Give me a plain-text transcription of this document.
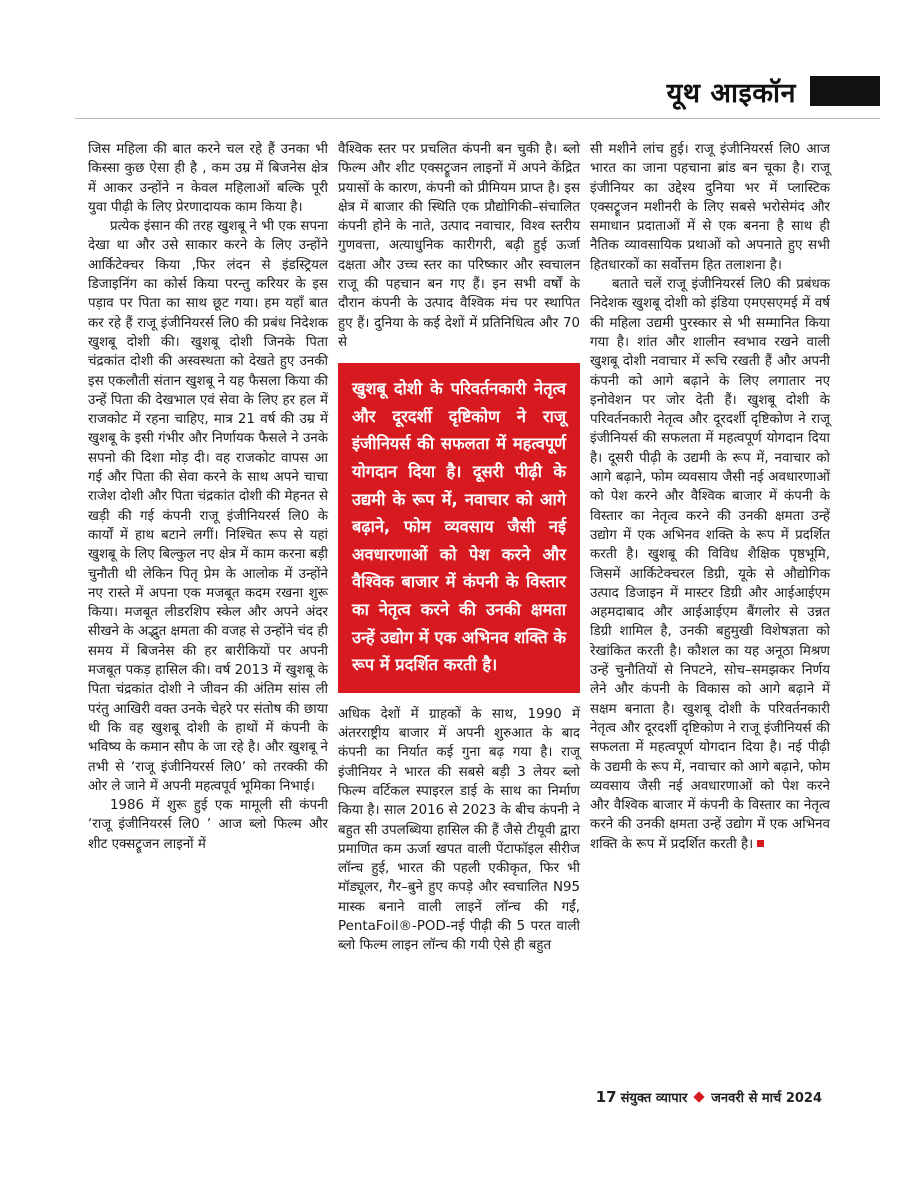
यूथ आइकॉन

जिस महिला की बात करने चल रहे हैं उनका भी किस्सा कुछ ऐसा ही है , कम उम्र में बिजनेस क्षेत्र में आकर उन्होंने न केवल महिलाओं बल्कि पूरी युवा पीढ़ी के लिए प्रेरणादायक काम किया है।

प्रत्येक इंसान की तरह खुशबू ने भी एक सपना देखा था और उसे साकार करने के लिए उन्होंने आर्किटेक्चर किया ,फिर लंदन से इंडस्ट्रियल डिजाइनिंग का कोर्स किया परन्तु करियर के इस पड़ाव पर पिता का साथ छूट गया। हम यहाँ बात कर रहे हैं राजू इंजीनियरर्स लि0 की प्रबंध निदेशक खुशबू दोशी की। खुशबू दोशी जिनके पिता चंद्रकांत दोशी की अस्वस्थता को देखते हुए उनकी इस एकलौती संतान खुशबू ने यह फैसला किया की उन्हें पिता की देखभाल एवं सेवा के लिए हर हल में राजकोट में रहना चाहिए, मात्र 21 वर्ष की उम्र में खुशबू के इसी गंभीर और निर्णायक फैसले ने उनके सपनो की दिशा मोड़ दी। वह राजकोट वापस आ गई और पिता की सेवा करने के साथ अपने चाचा राजेश दोशी और पिता चंद्रकांत दोशी की मेहनत से खड़ी की गई कंपनी राजू इंजीनियरर्स लि0 के कार्यों में हाथ बटाने लगीं। निश्चित रूप से यहां खुशबू के लिए बिल्कुल नए क्षेत्र में काम करना बड़ी चुनौती थी लेकिन पितृ प्रेम के आलोक में उन्होंने नए रास्ते में अपना एक मजबूत कदम रखना शुरू किया। मजबूत लीडरशिप स्केल और अपने अंदर सीखने के अद्भुत क्षमता की वजह से उन्होंने चंद ही समय में बिजनेस की हर बारीकियों पर अपनी मजबूत पकड़ हासिल की। वर्ष 2013 में खुशबू के पिता चंद्रकांत दोशी ने जीवन की अंतिम सांस ली परंतु आखिरी वक्त उनके चेहरे पर संतोष की छाया थी कि वह खुशबू दोशी के हाथों में कंपनी के भविष्य के कमान सौप के जा रहे है। और खुशबू ने तभी से ‘राजू इंजीनियरर्स लि0’ को तरक्की की ओर ले जाने में अपनी महत्वपूर्व भूमिका निभाई।

1986 में शुरू हुई एक मामूली सी कंपनी ‘राजू इंजीनियरर्स लि0 ’ आज ब्लो फिल्म और शीट एक्सट्रूजन लाइनों में

वैश्विक स्तर पर प्रचलित कंपनी बन चुकी है। ब्लो फिल्म और शीट एक्सट्रूजन लाइनों में अपने केंद्रित प्रयासों के कारण, कंपनी को प्रीमियम प्राप्त है। इस क्षेत्र में बाजार की स्थिति एक प्रौद्योगिकी–संचालित कंपनी होने के नाते, उत्पाद नवाचार, विश्व स्तरीय गुणवत्ता, अत्याधुनिक कारीगरी, बढ़ी हुई ऊर्जा दक्षता और उच्च स्तर का परिष्कार और स्वचालन राजू की पहचान बन गए हैं। इन सभी वर्षों के दौरान कंपनी के उत्पाद वैश्विक मंच पर स्थापित हुए हैं। दुनिया के कई देशों में प्रतिनिधित्व और 70 से

खुशबू दोशी के परिवर्तनकारी नेतृत्व और दूरदर्शी दृष्टिकोण ने राजू इंजीनियर्स की सफलता में महत्वपूर्ण योगदान दिया है। दूसरी पीढ़ी के उद्यमी के रूप में, नवाचार को आगे बढ़ाने, फोम व्यवसाय जैसी नई अवधारणाओं को पेश करने और वैश्विक बाजार में कंपनी के विस्तार का नेतृत्व करने की उनकी क्षमता उन्हें उद्योग में एक अभिनव शक्ति के रूप में प्रदर्शित करती है।

अधिक देशों में ग्राहकों के साथ, 1990 में अंतरराष्ट्रीय बाजार में अपनी शुरुआत के बाद कंपनी का निर्यात कई गुना बढ़ गया है। राजू इंजीनियर ने भारत की सबसे बड़ी 3 लेयर ब्लो फिल्म वर्टिकल स्पाइरल डाई के साथ का निर्माण किया है। साल 2016 से 2023 के बीच कंपनी ने बहुत सी उपलब्धिया हासिल की हैं जैसे टीयूवी द्वारा प्रमाणित कम ऊर्जा खपत वाली पेंटाफॉइल सीरीज लॉन्च हुई, भारत की पहली एकीकृत, फिर भी मॉड्यूलर, गैर–बुने हुए कपड़े और स्वचालित N95 मास्क बनाने वाली लाइनें लॉन्च की गईं, PentaFoil®-POD-नई पीढ़ी की 5 परत वाली ब्लो फिल्म लाइन लॉन्च की गयी ऐसे ही बहुत

सी मशीने लांच हुई। राजू इंजीनियरर्स लि0 आज भारत का जाना पहचाना ब्रांड बन चूका है। राजू इंजीनियर का उद्देश्य दुनिया भर में प्लास्टिक एक्सट्रूजन मशीनरी के लिए सबसे भरोसेमंद और समाधान प्रदाताओं में से एक बनना है साथ ही नैतिक व्यावसायिक प्रथाओं को अपनाते हुए सभी हितधारकों का सर्वोत्तम हित तलाशना है।

बताते चलें राजू इंजीनियरर्स लि0 की प्रबंधक निदेशक खुशबू दोशी को इंडिया एमएसएमई में वर्ष की महिला उद्यमी पुरस्कार से भी सम्मानित किया गया है। शांत और शालीन स्वभाव रखने वाली खुशबू दोशी नवाचार में रूचि रखती हैं और अपनी कंपनी को आगे बढ़ाने के लिए लगातार नए इनोवेशन पर जोर देती हैं। खुशबू दोशी के परिवर्तनकारी नेतृत्व और दूरदर्शी दृष्टिकोण ने राजू इंजीनियर्स की सफलता में महत्वपूर्ण योगदान दिया है। दूसरी पीढ़ी के उद्यमी के रूप में, नवाचार को आगे बढ़ाने, फोम व्यवसाय जैसी नई अवधारणाओं को पेश करने और वैश्विक बाजार में कंपनी के विस्तार का नेतृत्व करने की उनकी क्षमता उन्हें उद्योग में एक अभिनव शक्ति के रूप में प्रदर्शित करती है। खुशबू की विविध शैक्षिक पृष्ठभूमि, जिसमें आर्किटेक्चरल डिग्री, यूके से औद्योगिक उत्पाद डिजाइन में मास्टर डिग्री और आईआईएम अहमदाबाद और आईआईएम बैंगलोर से उन्नत डिग्री शामिल है, उनकी बहुमुखी विशेषज्ञता को रेखांकित करती है। कौशल का यह अनूठा मिश्रण उन्हें चुनौतियों से निपटने, सोच–समझकर निर्णय लेने और कंपनी के विकास को आगे बढ़ाने में सक्षम बनाता है। खुशबू दोशी के परिवर्तनकारी नेतृत्व और दूरदर्शी दृष्टिकोण ने राजू इंजीनियर्स की सफलता में महत्वपूर्ण योगदान दिया है। नई पीढ़ी के उद्यमी के रूप में, नवाचार को आगे बढ़ाने, फोम व्यवसाय जैसी नई अवधारणाओं को पेश करने और वैश्विक बाजार में कंपनी के विस्तार का नेतृत्व करने की उनकी क्षमता उन्हें उद्योग में एक अभिनव शक्ति के रूप में प्रदर्शित करती है।

17 संयुक्त व्यापार जनवरी से मार्च 2024
